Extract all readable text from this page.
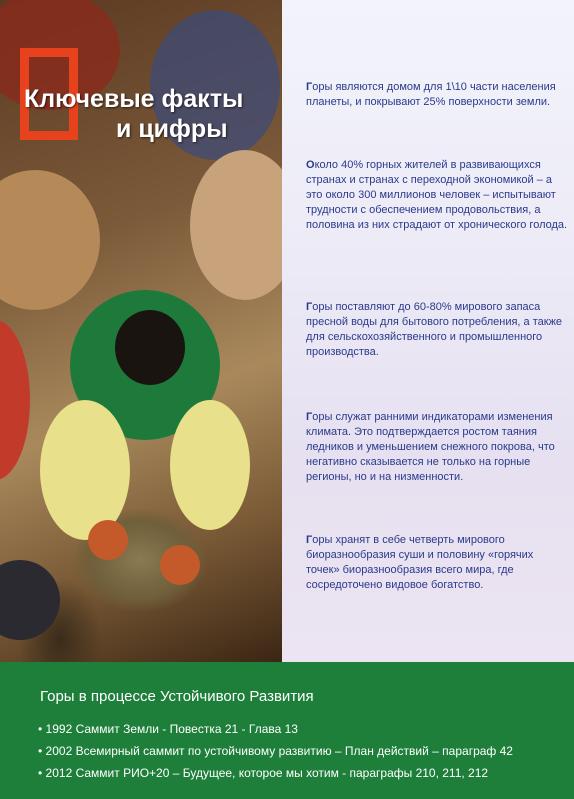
Ключевые факты
и цифры

Горы являются домом для 1\10 части населения планеты, и покрывают 25% поверхности земли.

Около 40% горных жителей в развивающихся странах и странах с переходной экономикой – а это около 300 миллионов человек – испытывают трудности с обеспечением продовольствия, а половина из них страдают от хронического голода.

Горы поставляют до 60-80% мирового запаса пресной воды для бытового потребления, а также для сельскохозяйственного и промышленного производства.

Горы служат ранними индикаторами изменения климата. Это подтверждается ростом таяния ледников и уменьшением снежного покрова, что негативно сказывается не только на горные регионы, но и на низменности.

Горы хранят в себе четверть мирового биоразнообразия суши и половину «горячих точек» биоразнообразия всего мира, где сосредоточено видовое богатство.

Горы в процессе Устойчивого Развития
• 1992 Саммит Земли - Повестка 21 - Глава 13
• 2002 Всемирный саммит по устойчивому развитию – План действий – параграф 42
• 2012 Саммит РИО+20 – Будущее, которое мы хотим - параграфы 210, 211, 212
